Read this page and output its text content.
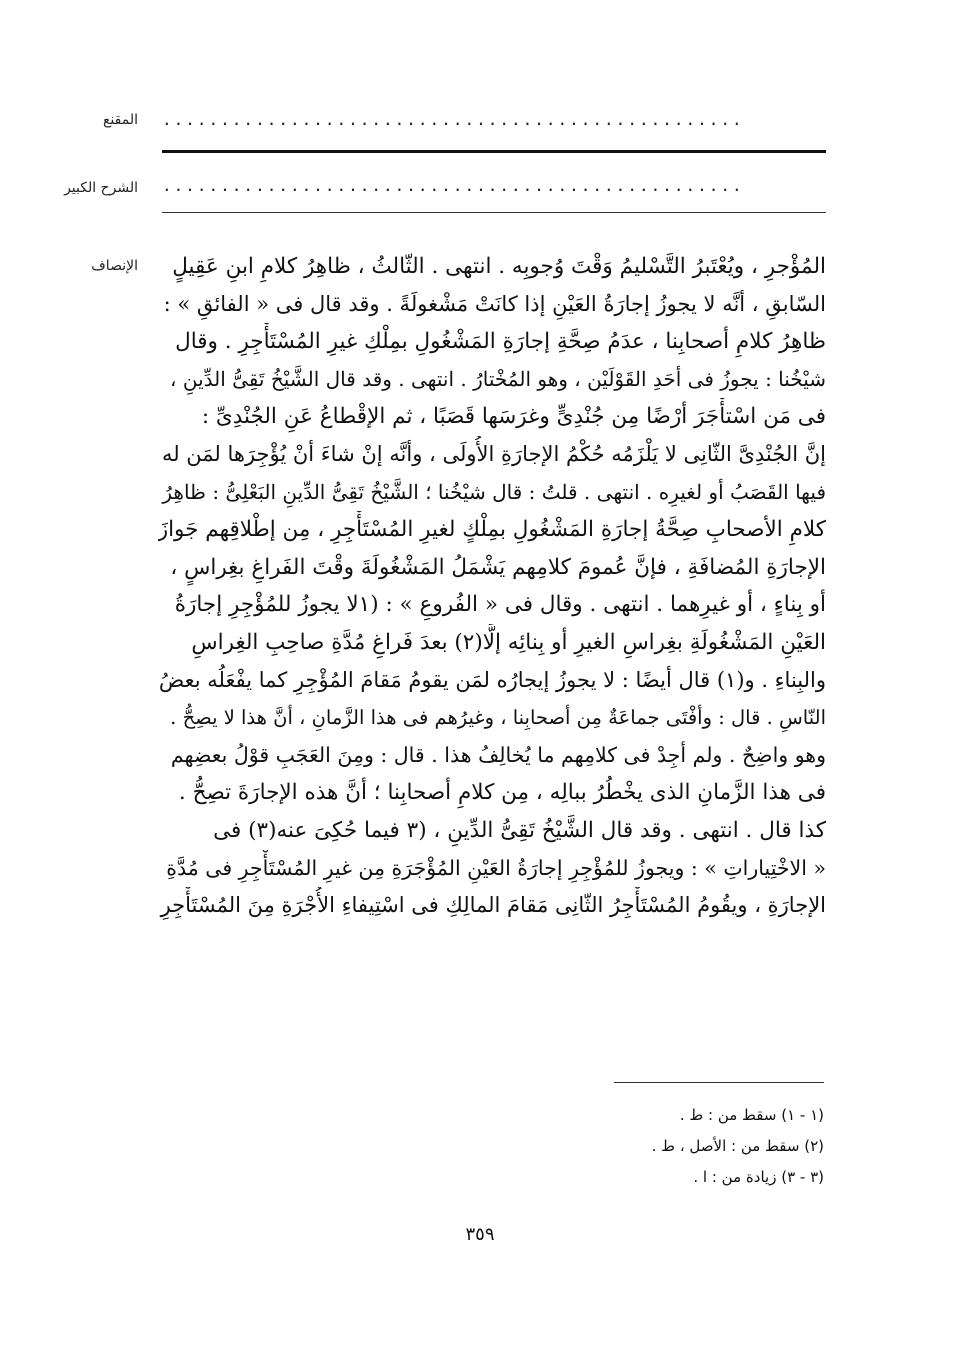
المقنع ..................................................
الشرح الكبير ..................................................
الإنصاف	المُؤْجرِ ، ويُعْتَبرُ التَّسْليمُ وَقْتَ وُجوبِه . انتهى . الثّالثُ ، ظاهِرُ كلامِ ابنِ عَقِيلٍ

السّابقِ ، أنَّه لا يجوزُ إجارَةُ العَيْنِ إذا كانَتْ مَشْغولَةً . وقد قال فى « الفائقِ » :

ظاهِرُ كلامِ أصحابِنا ، عدَمُ صِحَّةِ إجارَةِ المَشْغُولِ بمِلْكِ غيرِ المُسْتَأْجِرِ . وقال

شيْخُنا : يجوزُ فى أحَدِ القَوْلَيْن ، وهو المُخْتارُ . انتهى . وقد قال الشَّيْخُ تَقِىُّ الدِّينِ ،

فى مَن اسْتأْجَرَ أرْضًا مِن جُنْدِىٍّ وغرَسَها قَصَبًا ، ثم الإقْطاعُ عَنِ الجُنْدِىِّ :

إنَّ الجُنْدِىَّ الثّانِى لا يَلْزَمُه حُكْمُ الإجارَةِ الأُولَى ، وأنَّه إنْ شاءَ أنْ يُؤْجِرَها لمَن له

فيها القَصَبُ أو لغيرِه . انتهى . قلتُ : قال شيْخُنا ؛ الشَّيْخُ تَقِىُّ الدِّينِ البَعْلِىُّ : ظاهِرُ

كلامِ الأصحابِ صِحَّةُ إجارَةِ المَشْغُولِ بمِلْكٍ لغيرِ المُسْتَأْجِرِ ، مِن إطْلاقِهم جَوازَ

الإجارَةِ المُضافَةِ ، فإنَّ عُمومَ كلامِهم يَشْمَلُ المَشْغُولَةَ وقْتَ الفَراغِ بغِراسٍ ،

أو بِناءٍ ، أو غيرِهما . انتهى . وقال فى « الفُروعِ » : (١لا يجوزُ للمُؤْجِرِ إجارَةُ

العَيْنِ المَشْغُولَةِ بغِراسِ الغيرِ أو بِنائِه إلَّا(٢) بعدَ فَراغِ مُدَّةِ صاحِبِ الغِراسِ

والبِناءِ . و(١) قال أيضًا : لا يجوزُ إيجارُه لمَن يقومُ مَقامَ المُؤْجِرِ كما يفْعَلُه بعضُ

النّاسِ . قال : وأفْتَى جماعَةٌ مِن أصحابِنا ، وغيرُهم فى هذا الزَّمانِ ، أنَّ هذا لا يصِحُّ .

وهو واضِحٌ . ولم أجِدْ فى كلامِهم ما يُخالِفُ هذا . قال : ومِنَ العَجَبِ قوْلُ بعضِهم

فى هذا الزَّمانِ الذى يخْطُرُ ببالِه ، مِن كلامِ أصحابِنا ؛ أنَّ هذه الإجارَةَ تصِحُّ .

كذا قال . انتهى . وقد قال الشَّيْخُ تَقِىُّ الدِّينِ ، (٣ فيما حُكِىَ عنه(٣) فى

« الاخْتِياراتِ » : ويجوزُ للمُؤْجِرِ إجارَةُ العَيْنِ المُؤْجَرَةِ مِن غيرِ المُسْتَأْجِرِ فى مُدَّةِ

الإجارَةِ ، ويقُومُ المُسْتَأْجِرُ الثّانِى مَقامَ المالِكِ فى اسْتِيفاءِ الأُجْرَةِ مِنَ المُسْتَأْجِرِ

(١ - ١) سقط من : ط .
(٢) سقط من : الأصل ، ط .
(٣ - ٣) زيادة من : ا .
٣٥٩
